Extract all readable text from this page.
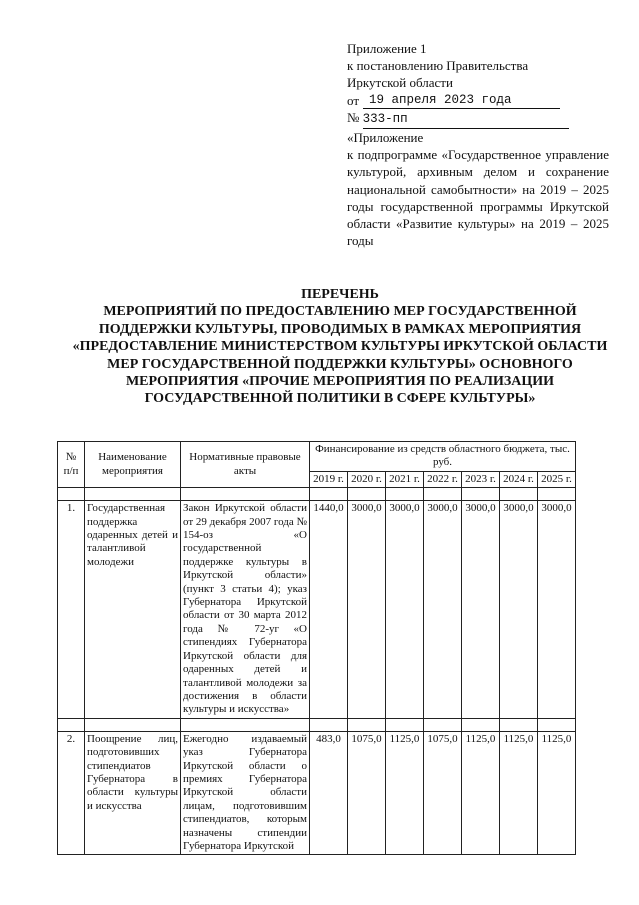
Приложение 1
к постановлению Правительства
Иркутской области
от 19 апреля 2023 года
№ 333-пп
«Приложение
к подпрограмме «Государственное управление культурой, архивным делом и сохранение национальной самобытности» на 2019 – 2025 годы государственной программы Иркутской области «Развитие культуры» на 2019 – 2025 годы
ПЕРЕЧЕНЬ
МЕРОПРИЯТИЙ ПО ПРЕДОСТАВЛЕНИЮ МЕР ГОСУДАРСТВЕННОЙ ПОДДЕРЖКИ КУЛЬТУРЫ, ПРОВОДИМЫХ В РАМКАХ МЕРОПРИЯТИЯ «ПРЕДОСТАВЛЕНИЕ МИНИСТЕРСТВОМ КУЛЬТУРЫ ИРКУТСКОЙ ОБЛАСТИ МЕР ГОСУДАРСТВЕННОЙ ПОДДЕРЖКИ КУЛЬТУРЫ» ОСНОВНОГО МЕРОПРИЯТИЯ «ПРОЧИЕ МЕРОПРИЯТИЯ ПО РЕАЛИЗАЦИИ ГОСУДАРСТВЕННОЙ ПОЛИТИКИ В СФЕРЕ КУЛЬТУРЫ»
№ п/п	Наименование мероприятия	Нормативные правовые акты	Финансирование из средств областного бюджета, тыс. руб.						
			2019 г.	2020 г.	2021 г.	2022 г.	2023 г.	2024 г.	2025 г.

1.	Государственная поддержка одаренных детей и талантливой молодежи	Закон Иркутской области от 29 декабря 2007 года № 154-оз «О государственной поддержке культуры в Иркутской области» (пункт 3 статьи 4); указ Губернатора Иркутской области от 30 марта 2012 года № 72-уг «О стипендиях Губернатора Иркутской области для одаренных детей и талантливой молодежи за достижения в области культуры и искусства»	1440,0	3000,0	3000,0	3000,0	3000,0	3000,0	3000,0

2.	Поощрение лиц, подготовивших стипендиатов Губернатора в области культуры и искусства	Ежегодно издаваемый указ Губернатора Иркутской области о премиях Губернатора Иркутской области лицам, подготовившим стипендиатов, которым назначены стипендии Губернатора Иркутской	483,0	1075,0	1125,0	1075,0	1125,0	1125,0	1125,0
